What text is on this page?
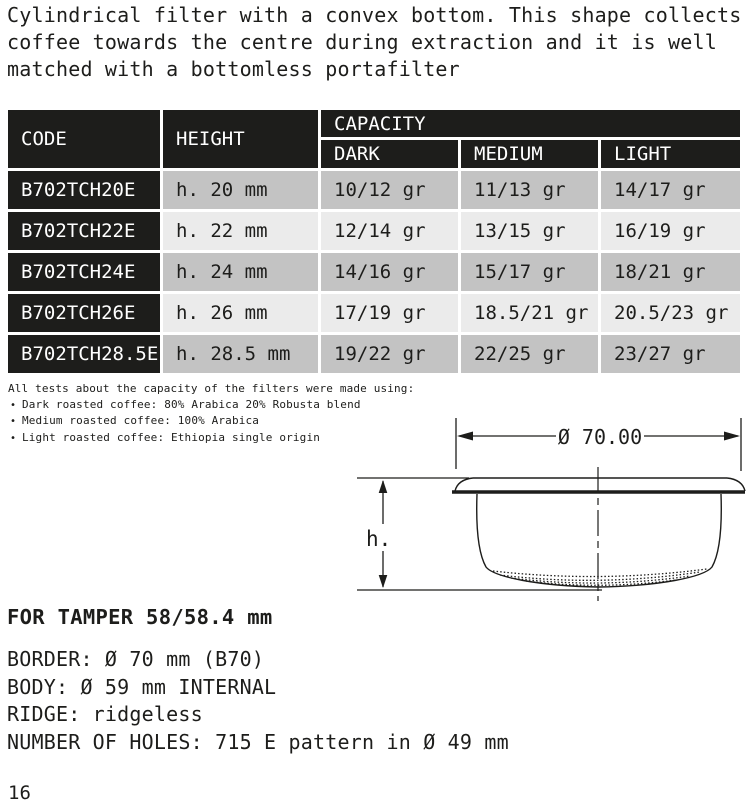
Cylindrical filter with a convex bottom. This shape collects coffee towards the centre during extraction and it is well matched with a bottomless portafilter

CODE	HEIGHT
CAPACITY
DARK	MEDIUM	LIGHT
B702TCH20E	h. 20 mm	10/12 gr	11/13 gr	14/17 gr
B702TCH22E	h. 22 mm	12/14 gr	13/15 gr	16/19 gr
B702TCH24E	h. 24 mm	14/16 gr	15/17 gr	18/21 gr
B702TCH26E	h. 26 mm	17/19 gr	18.5/21 gr	20.5/23 gr
B702TCH28.5E h. 28.5 mm	19/22 gr	22/25 gr	23/27 gr
All tests about the capacity of the filters were made using:
• Dark roasted coffee: 80% Arabica 20% Robusta blend
• Medium roasted coffee: 100% Arabica
• Light roasted coffee: Ethiopia single origin	Ø 70.00
h.
FOR TAMPER 58/58.4 mm
BORDER: Ø 70 mm (B70)
BODY: Ø 59 mm INTERNAL
RIDGE: ridgeless
NUMBER OF HOLES: 715 E pattern in Ø 49 mm
16
